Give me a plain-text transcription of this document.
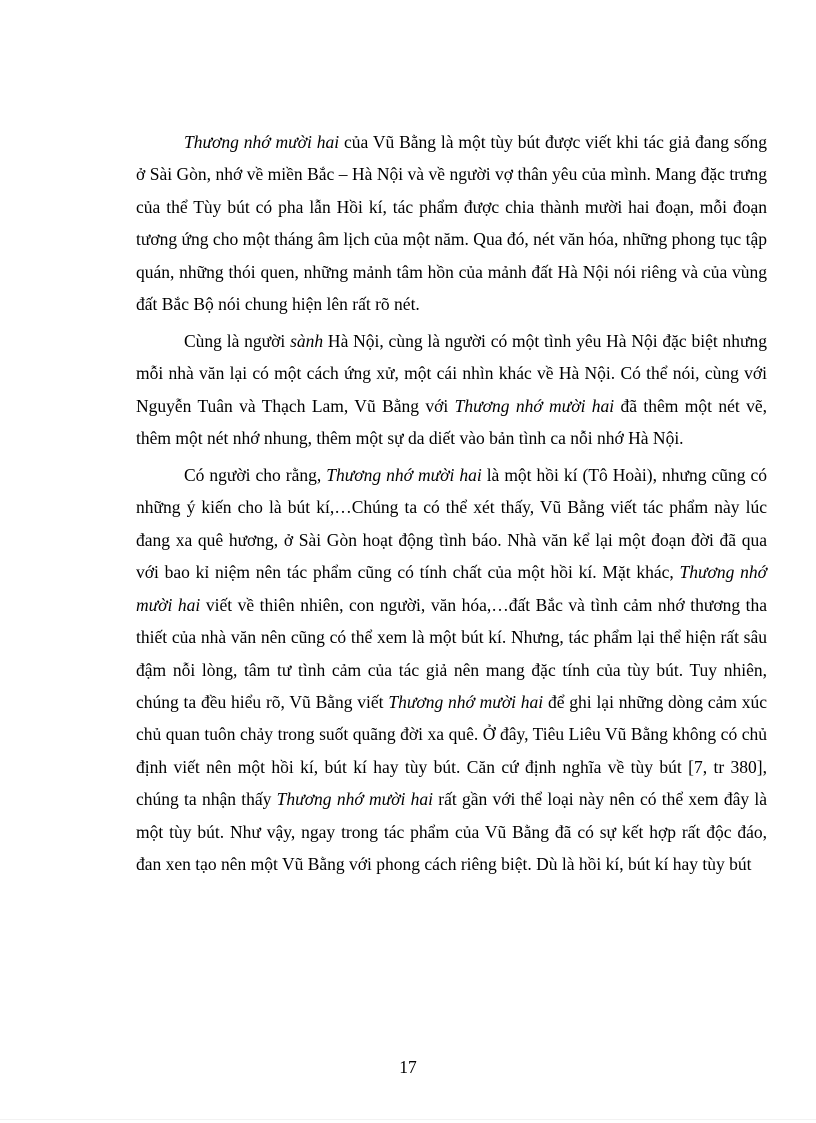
Thương nhớ mười hai của Vũ Bằng là một tùy bút được viết khi tác giả đang sống ở Sài Gòn, nhớ về miền Bắc – Hà Nội và về người vợ thân yêu của mình. Mang đặc trưng của thể Tùy bút có pha lẫn Hồi kí, tác phẩm được chia thành mười hai đoạn, mỗi đoạn tương ứng cho một tháng âm lịch của một năm. Qua đó, nét văn hóa, những phong tục tập quán, những thói quen, những mảnh tâm hồn của mảnh đất Hà Nội nói riêng và của vùng đất Bắc Bộ nói chung hiện lên rất rõ nét.

Cùng là người sành Hà Nội, cùng là người có một tình yêu Hà Nội đặc biệt nhưng mỗi nhà văn lại có một cách ứng xử, một cái nhìn khác về Hà Nội. Có thể nói, cùng với Nguyễn Tuân và Thạch Lam, Vũ Bằng với Thương nhớ mười hai đã thêm một nét vẽ, thêm một nét nhớ nhung, thêm một sự da diết vào bản tình ca nỗi nhớ Hà Nội.

Có người cho rằng, Thương nhớ mười hai là một hồi kí (Tô Hoài), nhưng cũng có những ý kiến cho là bút kí,…Chúng ta có thể xét thấy, Vũ Bằng viết tác phẩm này lúc đang xa quê hương, ở Sài Gòn hoạt động tình báo. Nhà văn kể lại một đoạn đời đã qua với bao kỉ niệm nên tác phẩm cũng có tính chất của một hồi kí. Mặt khác, Thương nhớ mười hai viết về thiên nhiên, con người, văn hóa,…đất Bắc và tình cảm nhớ thương tha thiết của nhà văn nên cũng có thể xem là một bút kí. Nhưng, tác phẩm lại thể hiện rất sâu đậm nỗi lòng, tâm tư tình cảm của tác giả nên mang đặc tính của tùy bút. Tuy nhiên, chúng ta đều hiểu rõ, Vũ Bằng viết Thương nhớ mười hai để ghi lại những dòng cảm xúc chủ quan tuôn chảy trong suốt quãng đời xa quê. Ở đây, Tiêu Liêu Vũ Bằng không có chủ định viết nên một hồi kí, bút kí hay tùy bút. Căn cứ định nghĩa về tùy bút [7, tr 380], chúng ta nhận thấy Thương nhớ mười hai rất gần với thể loại này nên có thể xem đây là một tùy bút. Như vậy, ngay trong tác phẩm của Vũ Bằng đã có sự kết hợp rất độc đáo, đan xen tạo nên một Vũ Bằng với phong cách riêng biệt. Dù là hồi kí, bút kí hay tùy bút

17
